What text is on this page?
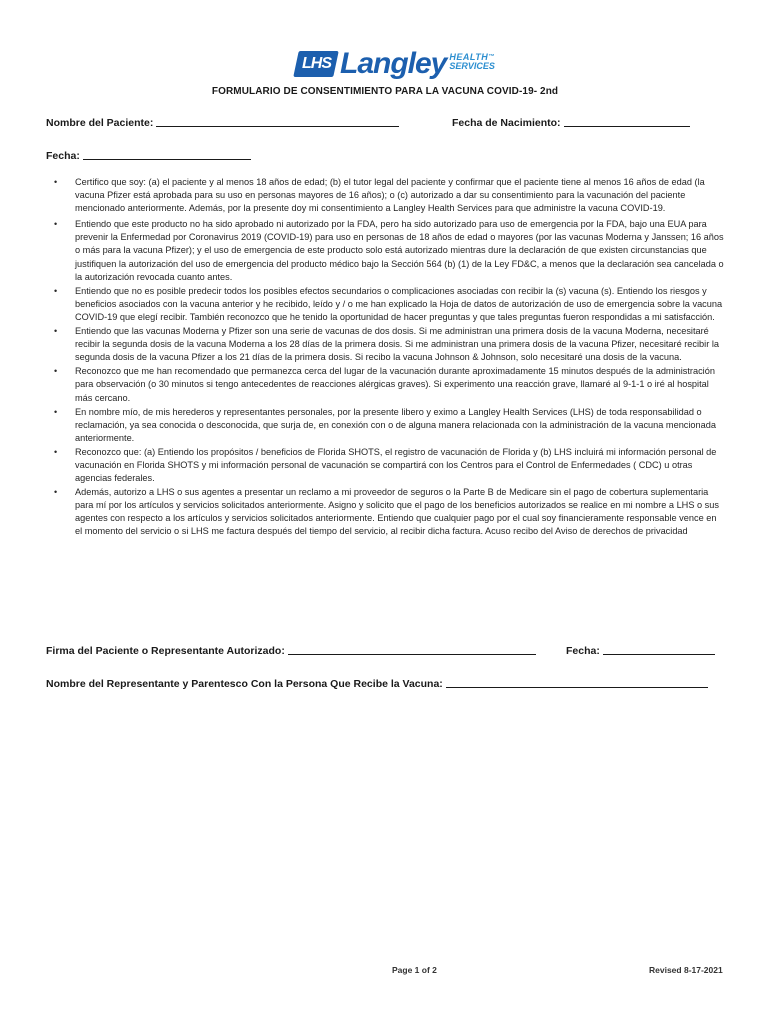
LHS Langley HEALTH™
SERVICES
FORMULARIO DE CONSENTIMIENTO PARA LA VACUNA COVID-19- 2nd
Nombre del Paciente:	Fecha de Nacimiento:
Fecha:
• Certifico que soy: (a) el paciente y al menos 18 años de edad; (b) el tutor legal del paciente y confirmar que el paciente tiene al menos 16 años de edad (la vacuna Pfizer está aprobada para su uso en personas mayores de 16 años); o (c) autorizado a dar su consentimiento para la vacunación del paciente mencionado anteriormente. Además, por la presente doy mi consentimiento a Langley Health Services para que administre la vacuna COVID-19.
• Entiendo que este producto no ha sido aprobado ni autorizado por la FDA, pero ha sido autorizado para uso de emergencia por la FDA, bajo una EUA para prevenir la Enfermedad por Coronavirus 2019 (COVID-19) para uso en personas de 18 años de edad o mayores (por las vacunas Moderna y Janssen; 16 años o más para la vacuna Pfizer); y el uso de emergencia de este producto solo está autorizado mientras dure la declaración de que existen circunstancias que justifiquen la autorización del uso de emergencia del producto médico bajo la Sección 564 (b) (1) de la Ley FD&C, a menos que la declaración sea cancelada o la autorización revocada cuanto antes.
• Entiendo que no es posible predecir todos los posibles efectos secundarios o complicaciones asociadas con recibir la (s) vacuna (s). Entiendo los riesgos y beneficios asociados con la vacuna anterior y he recibido, leído y / o me han explicado la Hoja de datos de autorización de uso de emergencia sobre la vacuna COVID-19 que elegí recibir. También reconozco que he tenido la oportunidad de hacer preguntas y que tales preguntas fueron respondidas a mi satisfacción.
• Entiendo que las vacunas Moderna y Pfizer son una serie de vacunas de dos dosis. Si me administran una primera dosis de la vacuna Moderna, necesitaré recibir la segunda dosis de la vacuna Moderna a los 28 días de la primera dosis. Si me administran una primera dosis de la vacuna Pfizer, necesitaré recibir la segunda dosis de la vacuna Pfizer a los 21 días de la primera dosis. Si recibo la vacuna Johnson & Johnson, solo necesitaré una dosis de la vacuna.
• Reconozco que me han recomendado que permanezca cerca del lugar de la vacunación durante aproximadamente 15 minutos después de la administración para observación (o 30 minutos si tengo antecedentes de reacciones alérgicas graves). Si experimento una reacción grave, llamaré al 9-1-1 o iré al hospital más cercano.
• En nombre mío, de mis herederos y representantes personales, por la presente libero y eximo a Langley Health Services (LHS) de toda responsabilidad o reclamación, ya sea conocida o desconocida, que surja de, en conexión con o de alguna manera relacionada con la administración de la vacuna mencionada anteriormente.
• Reconozco que: (a) Entiendo los propósitos / beneficios de Florida SHOTS, el registro de vacunación de Florida y (b) LHS incluirá mi información personal de vacunación en Florida SHOTS y mi información personal de vacunación se compartirá con los Centros para el Control de Enfermedades ( CDC) u otras agencias federales.
• Además, autorizo a LHS o sus agentes a presentar un reclamo a mi proveedor de seguros o la Parte B de Medicare sin el pago de cobertura suplementaria para mí por los artículos y servicios solicitados anteriormente. Asigno y solicito que el pago de los beneficios autorizados se realice en mi nombre a LHS o sus agentes con respecto a los artículos y servicios solicitados anteriormente. Entiendo que cualquier pago por el cual soy financieramente responsable vence en el momento del servicio o si LHS me factura después del tiempo del servicio, al recibir dicha factura. Acuso recibo del Aviso de derechos de privacidad
Firma del Paciente o Representante Autorizado:	Fecha:
Nombre del Representante y Parentesco Con la Persona Que Recibe la Vacuna:
Page 1 of 2	Revised 8-17-2021
